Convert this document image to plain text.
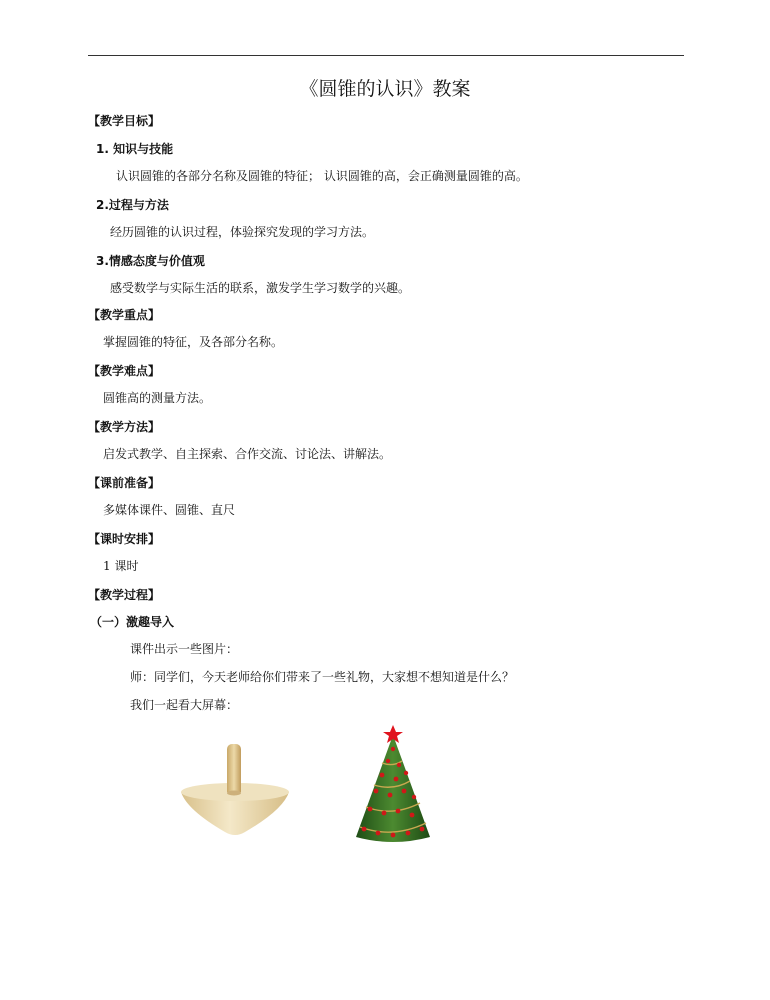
《圆锥的认识》教案
【教学目标】
1. 知识与技能
认识圆锥的各部分名称及圆锥的特征； 认识圆锥的高，会正确测量圆锥的高。
2.过程与方法
经历圆锥的认识过程，体验探究发现的学习方法。
3.情感态度与价值观
感受数学与实际生活的联系，激发学生学习数学的兴趣。
【教学重点】
掌握圆锥的特征，及各部分名称。
【教学难点】
圆锥高的测量方法。
【教学方法】
启发式教学、自主探索、合作交流、讨论法、讲解法。
【课前准备】
多媒体课件、圆锥、直尺
【课时安排】
1 课时
【教学过程】
（一）激趣导入
课件出示一些图片：
师：同学们，今天老师给你们带来了一些礼物，大家想不想知道是什么？
我们一起看大屏幕：
